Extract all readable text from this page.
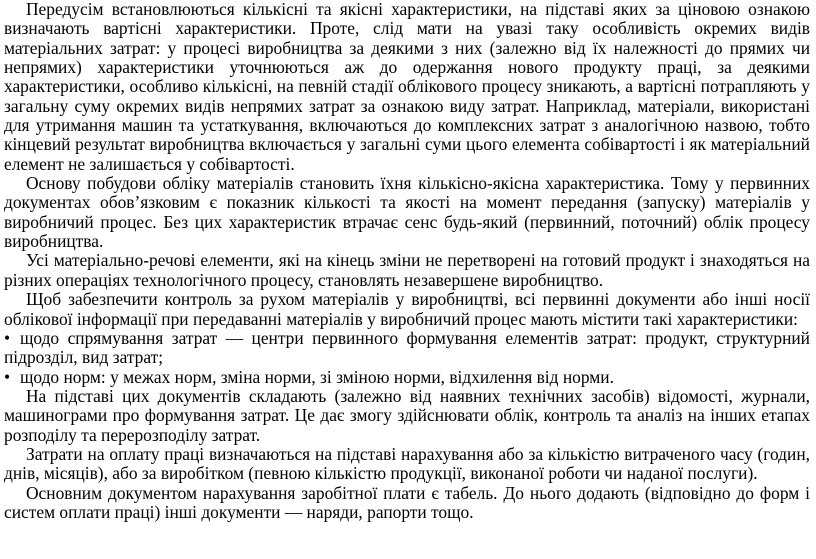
Передусім встановлюються кількісні та якісні характеристики, на підставі яких за ціновою ознакою визначають вартісні характеристики. Проте, слід мати на увазі таку особливість окремих видів матеріальних затрат: у процесі виробництва за деякими з них (залежно від їх належності до прямих чи непрямих) характеристики уточнюються аж до одержання нового продукту праці, за деякими характеристики, особливо кількісні, на певній стадії облікового процесу зникають, а вартісні потрапляють у загальну суму окремих видів непрямих затрат за ознакою виду затрат. Наприклад, матеріали, використані для утримання машин та устаткування, включаються до комплексних затрат з аналогічною назвою, тобто кінцевий результат виробництва включається у загальні суми цього елемента собівартості і як матеріальний елемент не залишається у собівартості.

Основу побудови обліку матеріалів становить їхня кількісно-якісна характеристика. Тому у первинних документах обов’язковим є показник кількості та якості на момент передання (запуску) матеріалів у виробничий процес. Без цих характеристик втрачає сенс будь-який (первинний, поточний) облік процесу виробництва.

Усі матеріально-речові елементи, які на кінець зміни не перетворені на готовий продукт і знаходяться на різних операціях технологічного процесу, становлять незавершене виробництво.

Щоб забезпечити контроль за рухом матеріалів у виробництві, всі первинні документи або інші носії облікової інформації при передаванні матеріалів у виробничий процес мають містити такі характеристики:

• щодо спрямування затрат — центри первинного формування елементів затрат: продукт, структурний підрозділ, вид затрат;

• щодо норм: у межах норм, зміна норми, зі зміною норми, відхилення від норми.

На підставі цих документів складають (залежно від наявних технічних засобів) відомості, журнали, машинограми про формування затрат. Це дає змогу здійснювати облік, контроль та аналіз на інших етапах розподілу та перерозподілу затрат.

Затрати на оплату праці визначаються на підставі нарахування або за кількістю витраченого часу (годин, днів, місяців), або за виробітком (певною кількістю продукції, виконаної роботи чи наданої послуги).

Основним документом нарахування заробітної плати є табель. До нього додають (відповідно до форм і систем оплати праці) інші документи — наряди, рапорти тощо.
